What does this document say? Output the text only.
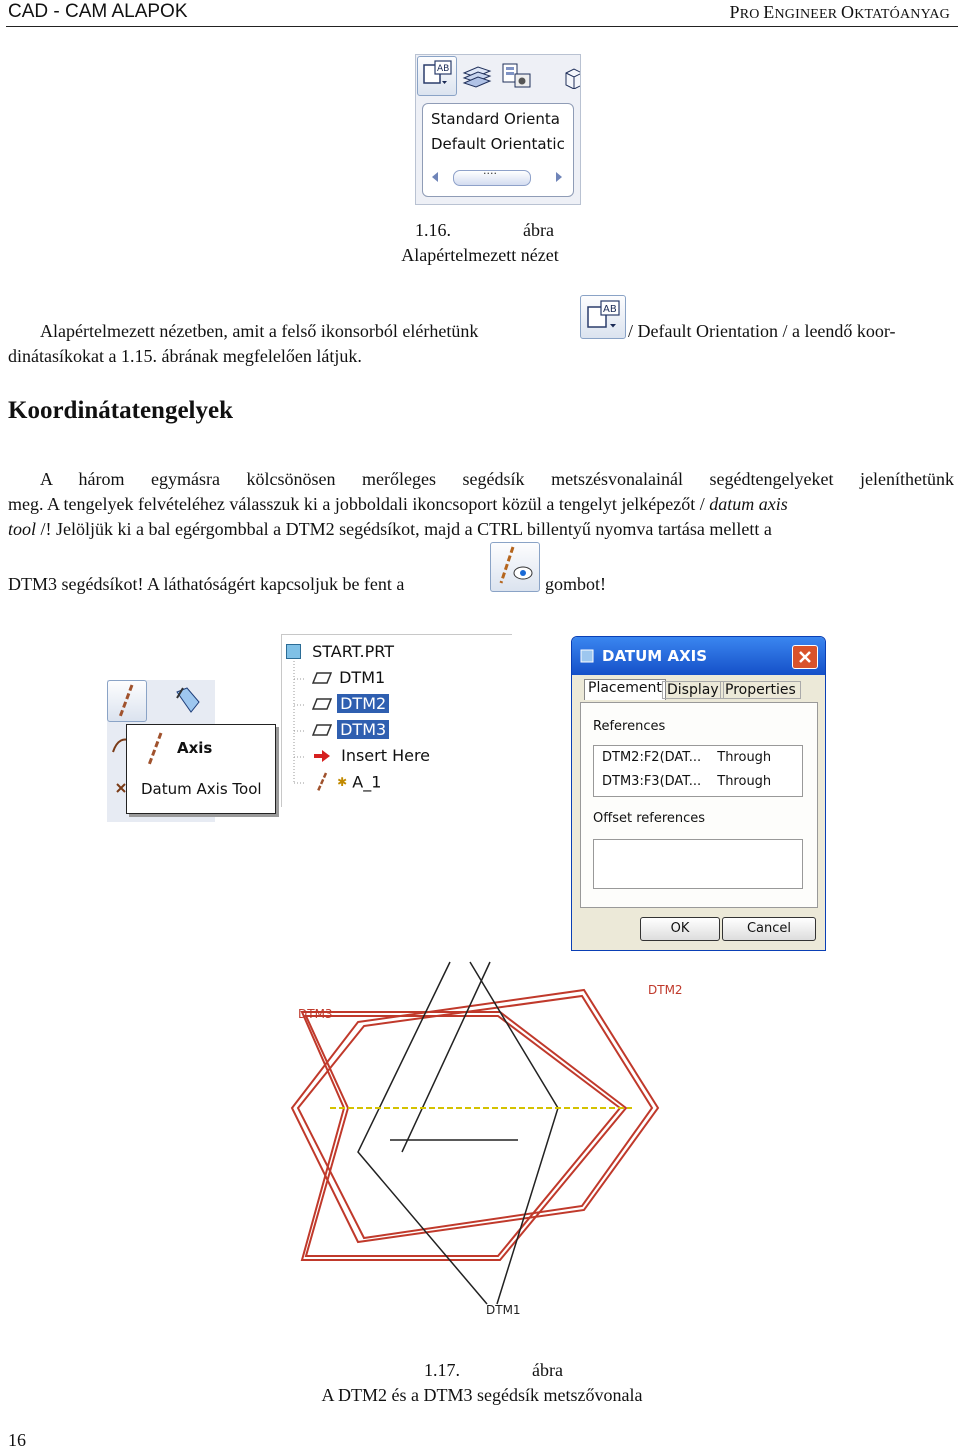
CAD - CAM ALAPOK	PRO ENGINEER OKTATÓANYAG
AB
Standard Orienta
Default Orientatic
....
1.16.	ábra
Alapértelmezett nézet
Alapértelmezett nézetben, amit a felső ikonsorból elérhetünk
AB
/ Default Orientation / a leendő koor-
dinátasíkokat a 1.15. ábrának megfelelően látjuk.
Koordinátatengelyek
A három egymásra kölcsönösen merőleges segédsík metszésvonalainál segédtengelyeket jeleníthetünk
meg. A tengelyek felvételéhez válasszuk ki a jobboldali ikoncsoport közül a tengelyt jelképezőt / datum axis
tool /! Jelöljük ki a bal egérgombbal a DTM2 segédsíkot, majd a CTRL billentyű nyomva tartása mellett a
DTM3 segédsíkot! A láthatóságért kapcsoljuk be fent a	gombot!
Axis
Datum Axis Tool
START.PRT
DTM1
DTM2
DTM3
Insert Here
✱ A_1
DATUM AXIS
Placement Display Properties
References
DTM2:F2(DAT... Through
DTM3:F3(DAT... Through
Offset references
OK	Cancel
DTM2
DTM3
DTM1
1.17.	ábra
A DTM2 és a DTM3 segédsík metszővonala
16
